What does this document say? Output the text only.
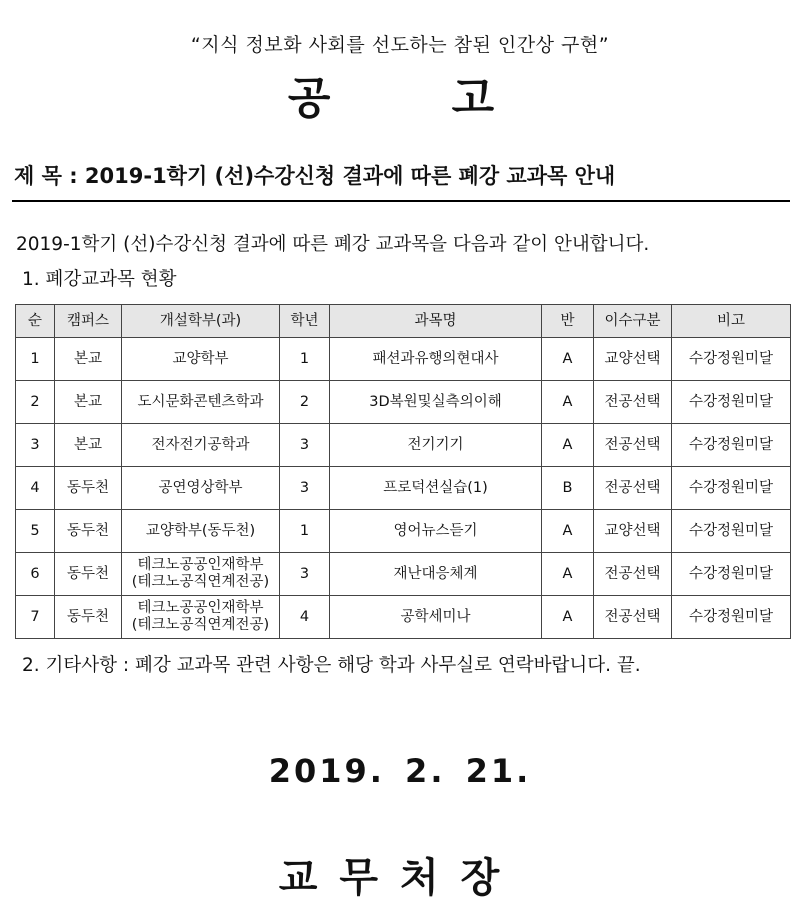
“지식 정보화 사회를 선도하는 참된 인간상 구현”
공 고
제 목 : 2019-1학기 (선)수강신청 결과에 따른 폐강 교과목 안내
2019-1학기 (선)수강신청 결과에 따른 폐강 교과목을 다음과 같이 안내합니다.
1. 폐강교과목 현황
순	캠퍼스	개설학부(과)	학년	과목명	반	이수구분	비고
1	본교	교양학부	1	패션과유행의현대사	A	교양선택	수강정원미달
2	본교	도시문화콘텐츠학과	2	3D복원및실측의이해	A	전공선택	수강정원미달
3	본교	전자전기공학과	3	전기기기	A	전공선택	수강정원미달
4	동두천	공연영상학부	3	프로덕션실습(1)	B	전공선택	수강정원미달
5	동두천	교양학부(동두천)	1	영어뉴스듣기	A	교양선택	수강정원미달
6	동두천	테크노공공인재학부
(테크노공직연계전공)	3	재난대응체계	A	전공선택	수강정원미달
7	동두천	테크노공공인재학부
(테크노공직연계전공)	4	공학세미나	A	전공선택	수강정원미달
2. 기타사항 : 폐강 교과목 관련 사항은 해당 학과 사무실로 연락바랍니다. 끝.
2019. 2. 21.
교무처장
